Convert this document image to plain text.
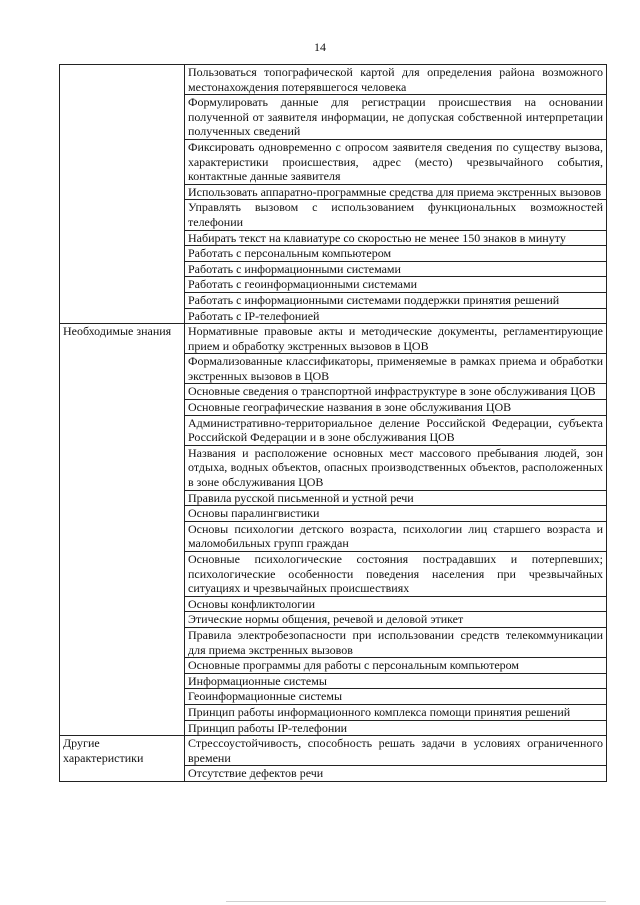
14
	Пользоваться топографической картой для определения района возможного местонахождения потерявшегося человека
	Формулировать данные для регистрации происшествия на основании полученной от заявителя информации, не допуская собственной интерпретации полученных сведений
	Фиксировать одновременно с опросом заявителя сведения по существу вызова, характеристики происшествия, адрес (место) чрезвычайного события, контактные данные заявителя
	Использовать аппаратно-программные средства для приема экстренных вызовов
	Управлять вызовом с использованием функциональных возможностей телефонии
	Набирать текст на клавиатуре со скоростью не менее 150 знаков в минуту
	Работать с персональным компьютером
	Работать с информационными системами
	Работать с геоинформационными системами
	Работать с информационными системами поддержки принятия решений
	Работать с IP-телефонией
Необходимые знания	Нормативные правовые акты и методические документы, регламентирующие прием и обработку экстренных вызовов в ЦОВ
	Формализованные классификаторы, применяемые в рамках приема и обработки экстренных вызовов в ЦОВ
	Основные сведения о транспортной инфраструктуре в зоне обслуживания ЦОВ
	Основные географические названия в зоне обслуживания ЦОВ
	Административно-территориальное деление Российской Федерации, субъекта Российской Федерации и в зоне обслуживания ЦОВ
	Названия и расположение основных мест массового пребывания людей, зон отдыха, водных объектов, опасных производственных объектов, расположенных в зоне обслуживания ЦОВ
	Правила русской письменной и устной речи
	Основы паралингвистики
	Основы психологии детского возраста, психологии лиц старшего возраста и маломобильных групп граждан
	Основные психологические состояния пострадавших и потерпевших; психологические особенности поведения населения при чрезвычайных ситуациях и чрезвычайных происшествиях
	Основы конфликтологии
	Этические нормы общения, речевой и деловой этикет
	Правила электробезопасности при использовании средств телекоммуникации для приема экстренных вызовов
	Основные программы для работы с персональным компьютером
	Информационные системы
	Геоинформационные системы
	Принцип работы информационного комплекса помощи принятия решений
	Принцип работы IP-телефонии
Другие характеристики	Стрессоустойчивость, способность решать задачи в условиях ограниченного времени
	Отсутствие дефектов речи
